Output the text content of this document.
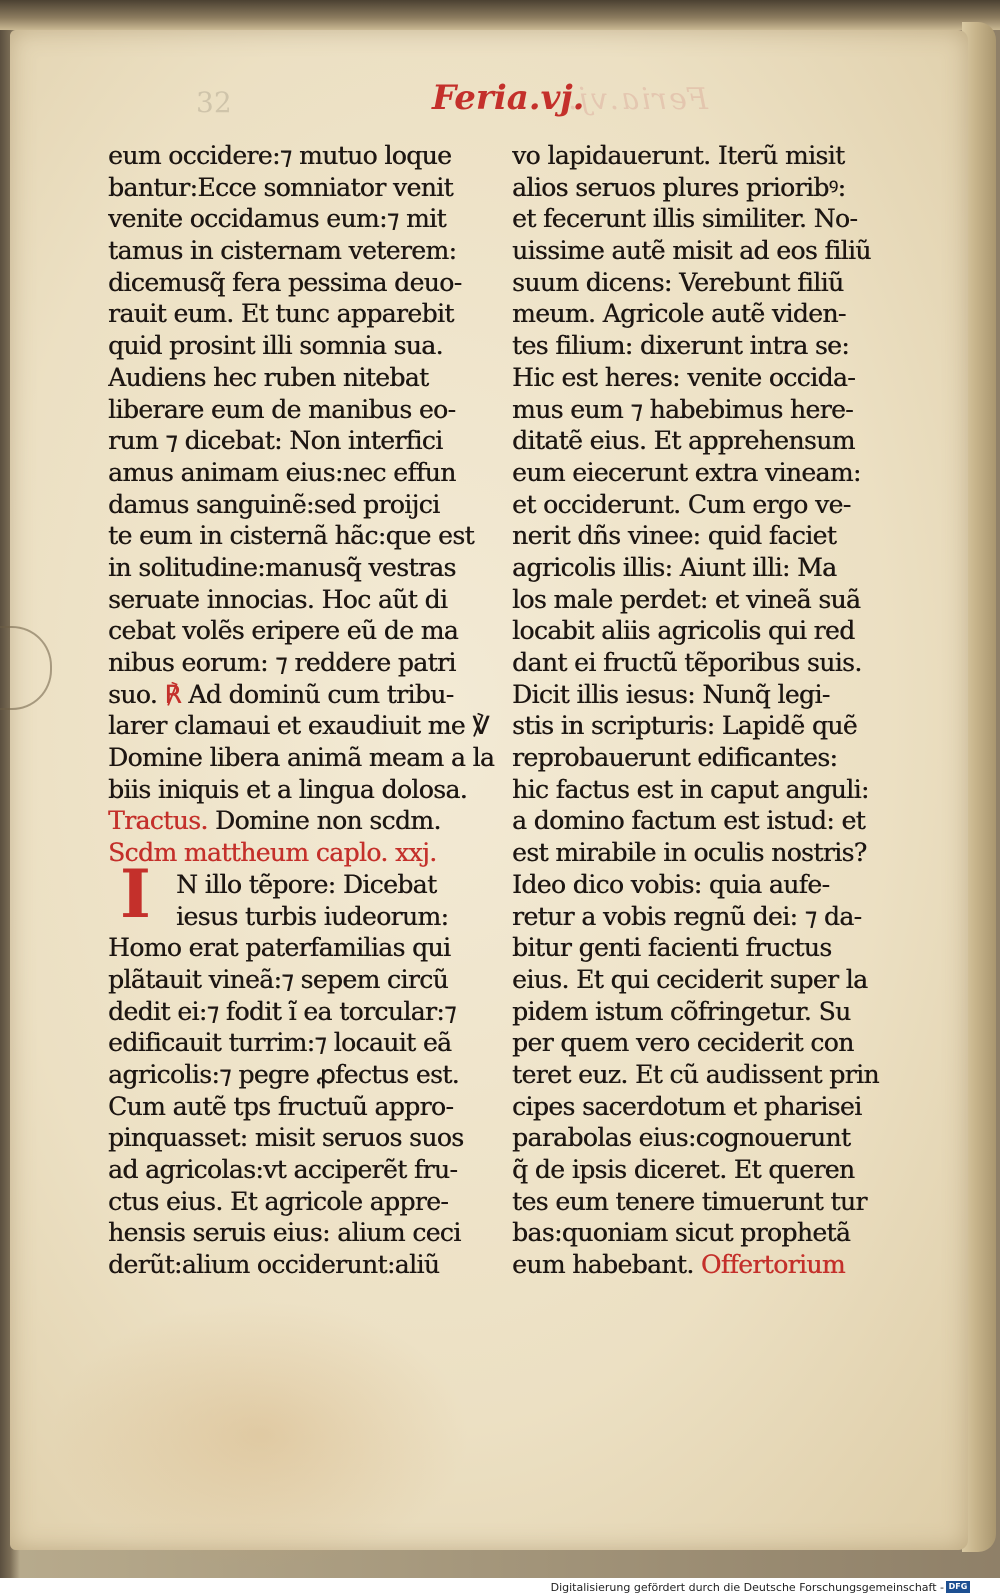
32	Feria.vj.
Feria.vj.
eum occidere:⁊ mutuo loque
bantur:Ecce somniator venit
venite occidamus eum:⁊ mit
tamus in cisternam veterem:
dicemusq̃ fera pessima deuo-
rauit eum. Et tunc apparebit
quid prosint illi somnia sua.
Audiens hec ruben nitebat
liberare eum de manibus eo-
rum ⁊ dicebat: Non interfici
amus animam eius:nec effun
damus sanguinẽ:sed proijci
te eum in cisternã hãc:que est
in solitudine:manusq̃ vestras
seruate innocias. Hoc aũt di
cebat volẽs eripere eũ de ma
nibus eorum: ⁊ reddere patri
suo. ℟ Ad dominũ cum tribu-
larer clamaui et exaudiuit me ℣
Domine libera animã meam a la
biis iniquis et a lingua dolosa.
Tractus. Domine non scdm.
Scdm mattheum caplo. xxj.
N illo tẽpore: Dicebat
iesus turbis iudeorum:
Homo erat paterfamilias qui
plãtauit vineã:⁊ sepem circũ
dedit ei:⁊ fodit ĩ ea torcular:⁊
edificauit turrim:⁊ locauit eã
agricolis:⁊ pegre ꝓfectus est.
Cum autẽ tps fructuũ appro-
pinquasset: misit seruos suos
ad agricolas:vt acciperẽt fru-
ctus eius. Et agricole appre-
hensis seruis eius: alium ceci
derũt:alium occiderunt:aliũ
I
vo lapidauerunt. Iterũ misit
alios seruos plures prioribꝰ:
et fecerunt illis similiter. No-
uissime autẽ misit ad eos filiũ
suum dicens: Verebunt filiũ
meum. Agricole autẽ viden-
tes filium: dixerunt intra se:
Hic est heres: venite occida-
mus eum ⁊ habebimus here-
ditatẽ eius. Et apprehensum
eum eiecerunt extra vineam:
et occiderunt. Cum ergo ve-
nerit dñs vinee: quid faciet
agricolis illis: Aiunt illi: Ma
los male perdet: et vineã suã
locabit aliis agricolis qui red
dant ei fructũ tẽporibus suis.
Dicit illis iesus: Nunq̃ legi-
stis in scripturis: Lapidẽ quẽ
reprobauerunt edificantes:
hic factus est in caput anguli:
a domino factum est istud: et
est mirabile in oculis nostris?
Ideo dico vobis: quia aufe-
retur a vobis regnũ dei: ⁊ da-
bitur genti facienti fructus
eius. Et qui ceciderit super la
pidem istum cõfringetur. Su
per quem vero ceciderit con
teret euz. Et cũ audissent prin
cipes sacerdotum et pharisei
parabolas eius:cognouerunt
q̃ de ipsis diceret. Et queren
tes eum tenere timuerunt tur
bas:quoniam sicut prophetã
eum habebant. Offertorium
Digitalisierung gefördert durch die Deutsche Forschungsgemeinschaft - DFG
